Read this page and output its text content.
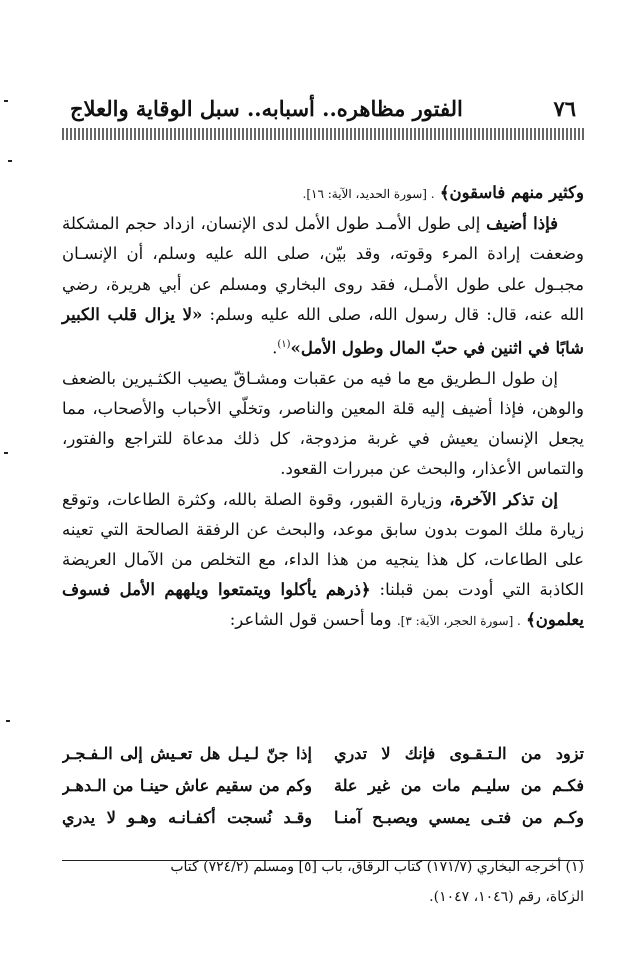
٧٦
الفتور مظاهره.. أسبابه.. سبل الوقاية والعلاج

وكثير منهم فاسقون﴾ . [سورة الحديد، الآية: ١٦].

فإذا أضيف إلى طول الأمـد طول الأمل لدى الإنسان، ازداد حجم المشكلة وضعفت إرادة المرء وقوته، وقد بيّن، صلى الله عليه وسلم، أن الإنسـان مجبـول على طول الأمـل، فقد روى البخاري ومسلم عن أبي هريرة، رضي الله عنه، قال: قال رسول الله، صلى الله عليه وسلم: «لا يزال قلب الكبير شابًا في اثنين في حبّ المال وطول الأمل»$^{(١)}$.

إن طول الـطريق مع ما فيه من عقبات ومشـاقّ يصيب الكثـيرين بالضعف والوهن، فإذا أضيف إليه قلة المعين والناصر، وتخلّي الأحباب والأصحاب، مما يجعل الإنسان يعيش في غربة مزدوجة، كل ذلك مدعاة للتراجع والفتور، والتماس الأعذار، والبحث عن مبررات القعود.

إن تذكر الآخرة، وزيارة القبور، وقوة الصلة بالله، وكثرة الطاعات، وتوقع زيارة ملك الموت بدون سابق موعد، والبحث عن الرفقة الصالحة التي تعينه على الطاعات، كل هذا ينجيه من هذا الداء، مع التخلص من الآمال العريضة الكاذبة التي أودت بمن قبلنا: ﴿ذرهم يأكلوا ويتمتعوا ويلههم الأمل فسوف يعلمون﴾ . [سورة الحجر، الآية: ٣]. وما أحسن قول الشاعر:

تزود من الـتـقـوى فإنك لا تدري
إذا جنّ لـيـل هل تعـيش إلى الـفـجـر
فكـم من سليـم مات من غير علة
وكم من سقيم عاش حينـا من الـدهـر
وكـم من فتـى يمسي ويصبـح آمنـا
وقـد نُسجت أكفـانـه وهـو لا يدري

(١) أخرجه البخاري (١٧١/٧) كتاب الرقاق، باب [٥] ومسلم (٧٢٤/٢) كتاب

الزكاة، رقم (١٠٤٦، ١٠٤٧).
